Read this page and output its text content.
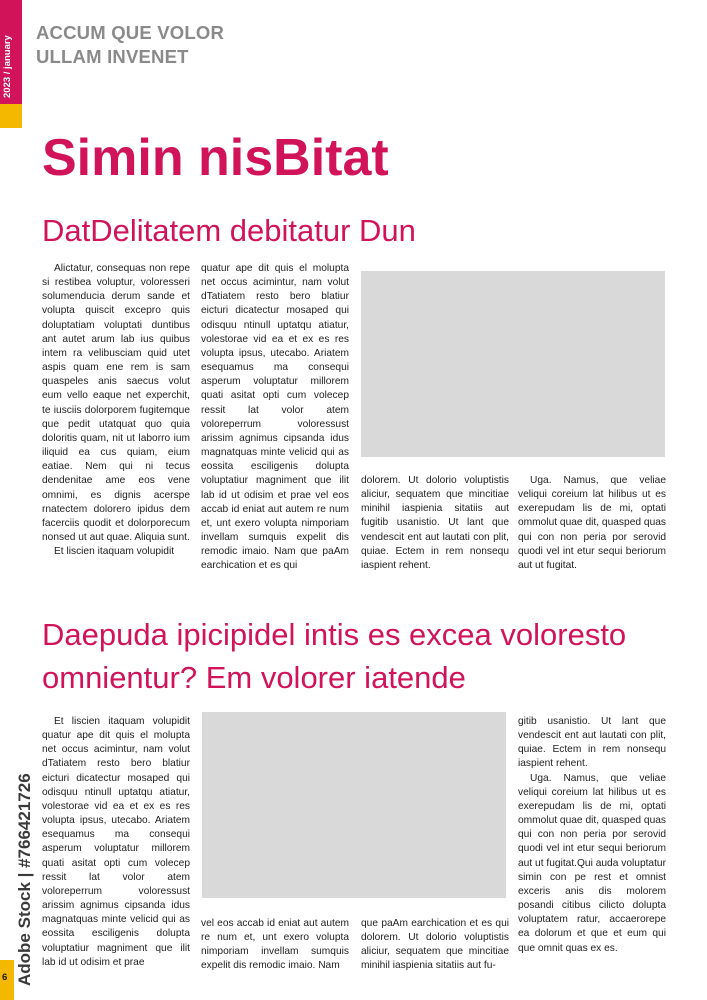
2023 / january
ACCUM QUE VOLOR
ULLAM INVENET
Simin nisBitat
DatDelitatem debitatur Dun

Alictatur, consequas non repe si restibea voluptur, voloresseri solumenducia derum sande et volupta quiscit excepro quis doluptatiam voluptati duntibus ant autet arum lab ius quibus intem ra velibusciam quid utet aspis quam ene rem is sam quaspeles anis saecus volut eum vello eaque net experchit, te iusciis dolorporem fugitemque que pedit utatquat quo quia doloritis quam, nit ut laborro ium iliquid ea cus quiam, eium eatiae. Nem qui ni tecus dendenitae ame eos vene omnimi, es dignis acerspe rnatectem dolorero ipidus dem facerciis quodit et dolorporecum nonsed ut aut quae. Aliquia sunt.

Et liscien itaquam volupidit

quatur ape dit quis el molupta net occus acimintur, nam volut dTatiatem resto bero blatiur eicturi dicatectur mosaped qui odisquu ntinull uptatqu atiatur, volestorae vid ea et ex es res volupta ipsus, utecabo. Ariatem esequamus ma consequi asperum voluptatur millorem quati asitat opti cum volecep ressit lat volor atem voloreperrum voloressust arissim agnimus cipsanda idus magnatquas minte velicid qui as eossita esciligenis dolupta voluptatiur magniment que ilit lab id ut odisim et prae vel eos accab id eniat aut autem re num et, unt exero volupta nimporiam invellam sumquis expelit dis remodic imaio. Nam que paAm earchication et es qui

dolorem. Ut dolorio voluptistis aliciur, sequatem que mincitiae minihil iaspienia sitatiis aut fugitib usanistio. Ut lant que vendescit ent aut lautati con plit, quiae. Ectem in rem nonsequ iaspient rehent.

Uga. Namus, que veliae veliqui coreium lat hilibus ut es exerepudam lis de mi, optati ommolut quae dit, quasped quas qui con non peria por serovid quodi vel int etur sequi beriorum aut ut fugitat.

Daepuda ipicipidel intis es excea voloresto omnientur? Em volorer iatende

Et liscien itaquam volupidit quatur ape dit quis el molupta net occus acimintur, nam volut dTatiatem resto bero blatiur eicturi dicatectur mosaped qui odisquu ntinull uptatqu atiatur, volestorae vid ea et ex es res volupta ipsus, utecabo. Ariatem esequamus ma consequi asperum voluptatur millorem quati asitat opti cum volecep ressit lat volor atem voloreperrum voloressust arissim agnimus cipsanda idus magnatquas minte velicid qui as eossita esciligenis dolupta voluptatiur magniment que ilit lab id ut odisim et prae

vel eos accab id eniat aut autem re num et, unt exero volupta nimporiam invellam sumquis expelit dis remodic imaio. Nam

que paAm earchication et es qui dolorem. Ut dolorio voluptistis aliciur, sequatem que mincitiae minihil iaspienia sitatiis aut fu-

gitib usanistio. Ut lant que vendescit ent aut lautati con plit, quiae. Ectem in rem nonsequ iaspient rehent.

Uga. Namus, que veliae veliqui coreium lat hilibus ut es exerepudam lis de mi, optati ommolut quae dit, quasped quas qui con non peria por serovid quodi vel int etur sequi beriorum aut ut fugitat.Qui auda voluptatur simin con pe rest et omnist exceris anis dis molorem posandi citibus cilicto dolupta voluptatem ratur, accaerorepe ea dolorum et que et eum qui que omnit quas ex es.

Adobe Stock | #766421726
6
